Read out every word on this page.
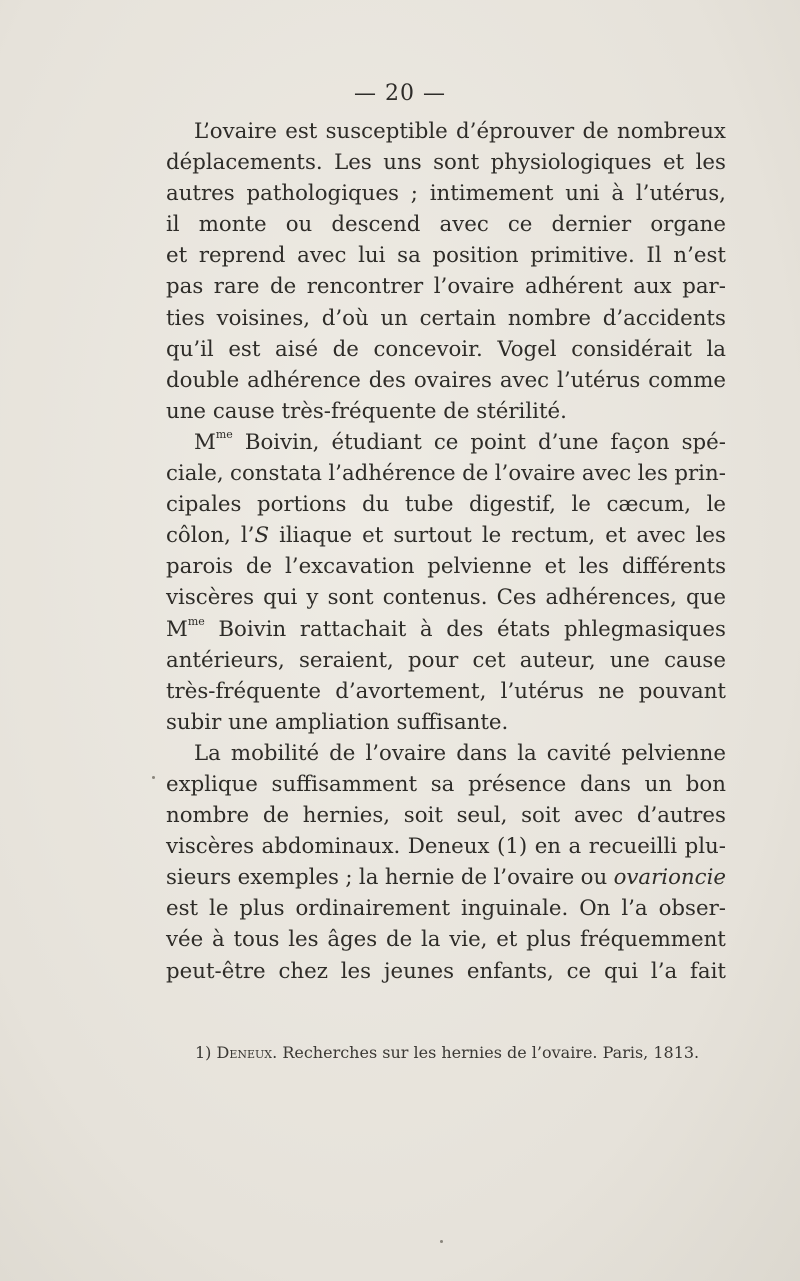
— 20 —
L’ovaire est susceptible d’éprouver de nombreux
déplacements. Les uns sont physiologiques et les
autres pathologiques ; intimement uni à l’utérus,
il monte ou descend avec ce dernier organe
et reprend avec lui sa position primitive. Il n’est
pas rare de rencontrer l’ovaire adhérent aux par-
ties voisines, d’où un certain nombre d’accidents
qu’il est aisé de concevoir. Vogel considérait la
double adhérence des ovaires avec l’utérus comme
une cause très-fréquente de stérilité.
$M^{me}$ Boivin, étudiant ce point d’une façon spé-
ciale, constata l’adhérence de l’ovaire avec les prin-
cipales portions du tube digestif, le cæcum, le
côlon, l’S iliaque et surtout le rectum, et avec les
parois de l’excavation pelvienne et les différents
viscères qui y sont contenus. Ces adhérences, que
$M^{me}$ Boivin rattachait à des états phlegmasiques
antérieurs, seraient, pour cet auteur, une cause
très-fréquente d’avortement, l’utérus ne pouvant
subir une ampliation suffisante.
La mobilité de l’ovaire dans la cavité pelvienne
explique suffisamment sa présence dans un bon
nombre de hernies, soit seul, soit avec d’autres
viscères abdominaux. Deneux (1) en a recueilli plu-
sieurs exemples ; la hernie de l’ovaire ou ovarioncie
est le plus ordinairement inguinale. On l’a obser-
vée à tous les âges de la vie, et plus fréquemment
peut-être chez les jeunes enfants, ce qui l’a fait
1) Deneux. Recherches sur les hernies de l’ovaire. Paris, 1813.
